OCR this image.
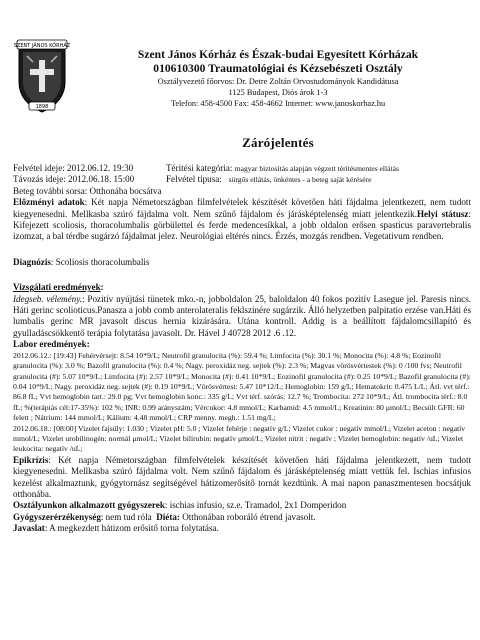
SZENT JÁNOS KÓRHÁZ
1898
Szent János Kórház és Észak-budai Egyesített Kórházak
010610300 Traumatológiai és Kézsebészeti Osztály
Osztályvezető főorvos: Dr. Detre Zoltán Orvostudományok Kandidátusa
1125 Budapest, Diós árok 1-3
Telefon: 458-4500 Fax: 458-4662 Internet: www.janoskorhaz.hu
Zárójelentés
Felvétel ideje: 2012.06.12. 19:30	Térítési kategória: magyar biztosítás alapján végzett térítésmentes ellátás
Távozás ideje: 2012.06.18. 15:00	Felvétel típusa: sürgős ellátás, önkéntes - a beteg saját kérésére

Beteg további sorsa: Otthonába bocsátva

Előzményi adatok: Két napja Németországban filmfelvételek készítését követően háti fájdalma jelentkezett, nem tudott kiegyenesedni. Mellkasba szúró fájdalma volt. Nem szűnő fájdalom és járásképtelenség miatt jelentkezik.Helyi státusz: Kifejezett scoliosis, thoracolumbalis görbülettel és ferde medencesíkkal, a jobb oldalon erősen spasticus paravertebralis izomzat, a bal térdbe sugárzó fájdalmat jelez. Neurológiai eltérés nincs. Érzés, mozgás rendben. Vegetativum rendben.

Diagnózis: Scoliosis thoracolumbalis

Vizsgálati eredmények:

Idegseb. vélemény.: Pozitív nyújtási tünetek mko.-n, jobboldalon 25, baloldalon 40 fokos pozitív Lasegue jel. Paresis nincs. Háti gerinc scolioticus.Panasza a jobb comb anterolateralis feklszínére sugárzik. Álló helyzetben palpitatio erzése van.Háti és lumbalis gerinc MR javasolt discus hernia kizárására. Utána kontroll. Addig is a beállított fájdalomcsillapító és gyulladáscsökkentő terápia folytatása javasolt. Dr. Hável J 40728 2012 .6 .12.

Labor eredmények:

2012.06.12.: [19:43] Fehérvérsejt: 8.54 10*9/L; Neutrofil granulocita (%): 59.4 %; Limfocita (%): 30.1 %; Monocita (%): 4.8 %; Eozinofil granulocita (%): 3.0 %; Bazofil granulocita (%): 0.4 %; Nagy. peroxidáz neg. sejtek (%): 2.3 %; Magvas vörösvértestek (%): 0 /100 fvs; Neutrofil granulocita (#): 5.07 10*9/L; Limfocita (#): 2.57 10*9/L; Monocita (#): 0.41 10*9/L; Eozinofil granulocita (#): 0.25 10*9/L; Bazofil granulocita (#): 0.04 10*9/L; Nagy. peroxidáz neg. sejtek (#): 0.19 10*9/L; Vörösvértest: 5.47 10*12/L; Hemoglobin: 159 g/L; Hematokrit: 0.475 L/L; Átl. vvt térf.: 86.8 fL; Vvt hemoglobin tart.: 29.0 pg; Vvt hemoglobin konc.: 335 g/L; Vvt térf. szórás: 12.7 %; Trombocita: 272 10*9/L; Átl. trombocita térf.: 8.0 fL; %(terápiás cél:17-35%): 102 %; INR: 0.99 arányszám; Vércukor: 4.8 mmol/L; Karbamid: 4.5 mmol/L; Kreatinin: 80 μmol/L; Becsült GFR: 60 felett ; Nátrium: 144 mmol/L; Kálium: 4.48 mmol/L; CRP menny. megh.: 1.51 mg/L;

2012.06.18.: [08:00] Vizelet fajsúly: 1.030 ; Vizelet pH: 5.0 ; Vizelet fehérje : negatív g/L; Vizelet cukor : negatív mmol/L; Vizelet aceton : negatív mmol/L; Vizelet urobilinogén: normál μmol/L; Vizelet bilirubin: negatív μmol/L; Vizelet nitrit : negatív ; Vizelet hemoglobin: negatív /uL; Vizelet leukocita: negatív /uL;

Epikrízis: Két napja Németországban filmfelvételek készítését követően háti fájdalma jelentkezett, nem tudott kiegyenesedni. Mellkasba szúró fájdalma volt. Nem szűnő fájdalom és járásképtelenség miatt vettük fel. Ischias infusios kezelést alkalmaztunk, gyógytornász segítségével hátizomerősítő tornát kezdtünk. A mai napon panaszmentesen bocsátjuk otthonába.

Osztályunkon alkalmazott gyógyszerek: ischias infusio, sz.e. Tramadol, 2x1 Domperidon

Gyógyszerérzékenység: nem tud róla Diéta: Otthonában roboráló étrend javasolt.

Javaslat: A megkezdett hátizom erősítő torna folytatása.
